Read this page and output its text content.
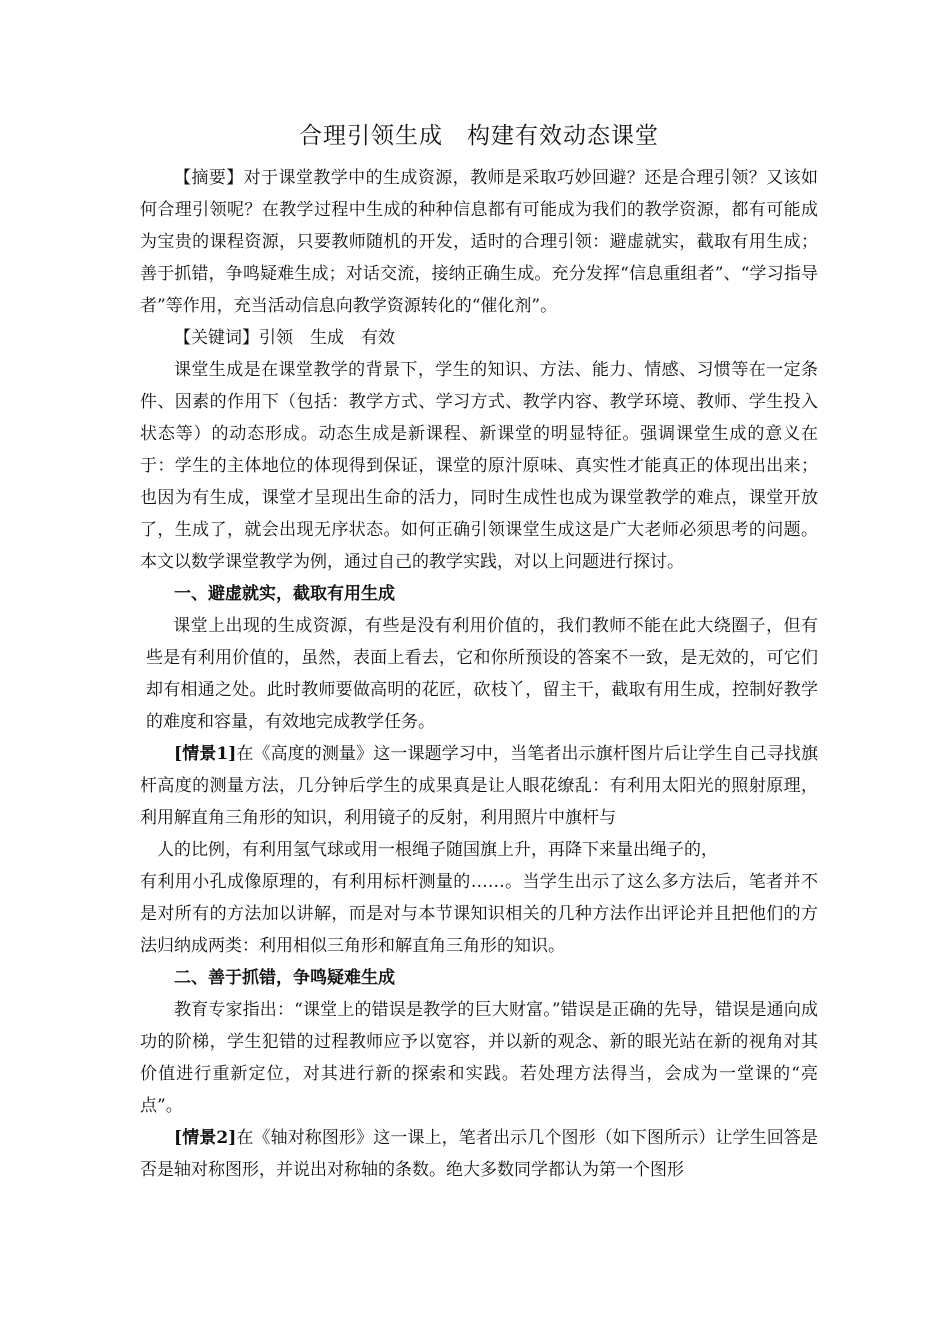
合理引领生成　构建有效动态课堂

【摘要】对于课堂教学中的生成资源，教师是采取巧妙回避？还是合理引领？又该如何合理引领呢？在教学过程中生成的种种信息都有可能成为我们的教学资源，都有可能成为宝贵的课程资源，只要教师随机的开发，适时的合理引领：避虚就实，截取有用生成；善于抓错，争鸣疑难生成；对话交流，接纳正确生成。充分发挥“信息重组者”、“学习指导者”等作用，充当活动信息向教学资源转化的“催化剂”。

【关键词】引领　生成　有效

课堂生成是在课堂教学的背景下，学生的知识、方法、能力、情感、习惯等在一定条件、因素的作用下（包括：教学方式、学习方式、教学内容、教学环境、教师、学生投入状态等）的动态形成。动态生成是新课程、新课堂的明显特征。强调课堂生成的意义在于：学生的主体地位的体现得到保证，课堂的原汁原味、真实性才能真正的体现出出来；也因为有生成，课堂才呈现出生命的活力，同时生成性也成为课堂教学的难点，课堂开放了，生成了，就会出现无序状态。如何正确引领课堂生成这是广大老师必须思考的问题。本文以数学课堂教学为例，通过自己的教学实践，对以上问题进行探讨。

一、避虚就实，截取有用生成

课堂上出现的生成资源，有些是没有利用价值的，我们教师不能在此大绕圈子，但有些是有利用价值的，虽然，表面上看去，它和你所预设的答案不一致，是无效的，可它们却有相通之处。此时教师要做高明的花匠，砍枝丫，留主干，截取有用生成，控制好教学的难度和容量，有效地完成教学任务。

[情景1]在《高度的测量》这一课题学习中，当笔者出示旗杆图片后让学生自己寻找旗杆高度的测量方法，几分钟后学生的成果真是让人眼花缭乱：有利用太阳光的照射原理，利用解直角三角形的知识，利用镜子的反射，利用照片中旗杆与

人的比例，有利用氢气球或用一根绳子随国旗上升，再降下来量出绳子的，

有利用小孔成像原理的，有利用标杆测量的……。当学生出示了这么多方法后，笔者并不是对所有的方法加以讲解，而是对与本节课知识相关的几种方法作出评论并且把他们的方法归纳成两类：利用相似三角形和解直角三角形的知识。

二、善于抓错，争鸣疑难生成

教育专家指出：“课堂上的错误是教学的巨大财富。”错误是正确的先导，错误是通向成功的阶梯，学生犯错的过程教师应予以宽容，并以新的观念、新的眼光站在新的视角对其价值进行重新定位，对其进行新的探索和实践。若处理方法得当，会成为一堂课的“亮点”。

[情景2]在《轴对称图形》这一课上，笔者出示几个图形（如下图所示）让学生回答是否是轴对称图形，并说出对称轴的条数。绝大多数同学都认为第一个图形
